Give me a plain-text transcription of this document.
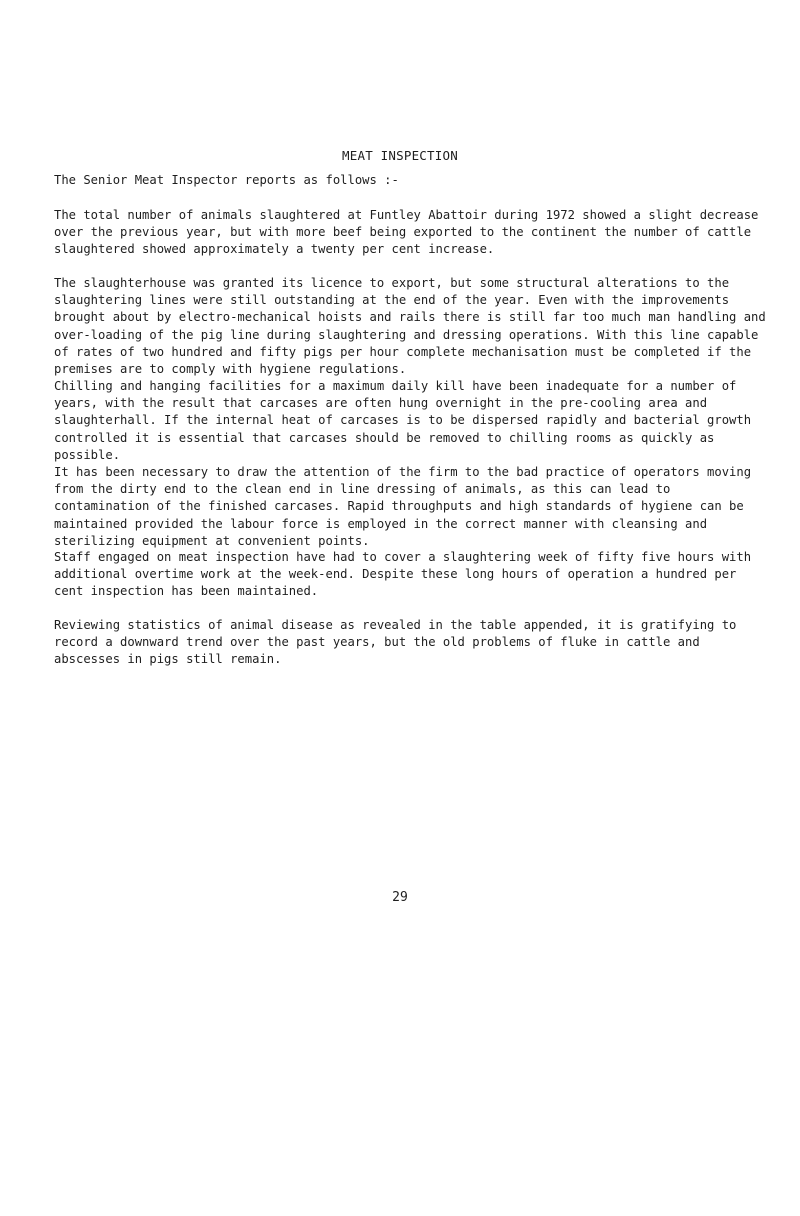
MEAT INSPECTION

The Senior Meat Inspector reports as follows :-

The total number of animals slaughtered at Funtley Abattoir during 1972 showed a slight decrease over the previous year, but with more beef being exported to the continent the number of cattle slaughtered showed approximately a twenty per cent increase.

The slaughterhouse was granted its licence to export, but some structural alterations to the slaughtering lines were still outstanding at the end of the year. Even with the improvements brought about by electro-mechanical hoists and rails there is still far too much man handling and over-loading of the pig line during slaughtering and dressing operations. With this line capable of rates of two hundred and fifty pigs per hour complete mechanisation must be completed if the premises are to comply with hygiene regulations.

Chilling and hanging facilities for a maximum daily kill have been inadequate for a number of years, with the result that carcases are often hung overnight in the pre-cooling area and slaughterhall. If the internal heat of carcases is to be dispersed rapidly and bacterial growth controlled it is essential that carcases should be removed to chilling rooms as quickly as possible.

It has been necessary to draw the attention of the firm to the bad practice of operators moving from the dirty end to the clean end in line dressing of animals, as this can lead to contamination of the finished carcases. Rapid throughputs and high standards of hygiene can be maintained provided the labour force is employed in the correct manner with cleansing and sterilizing equipment at convenient points.

Staff engaged on meat inspection have had to cover a slaughtering week of fifty five hours with additional overtime work at the week-end. Despite these long hours of operation a hundred per cent inspection has been maintained.

Reviewing statistics of animal disease as revealed in the table appended, it is gratifying to record a downward trend over the past years, but the old problems of fluke in cattle and abscesses in pigs still remain.

29
